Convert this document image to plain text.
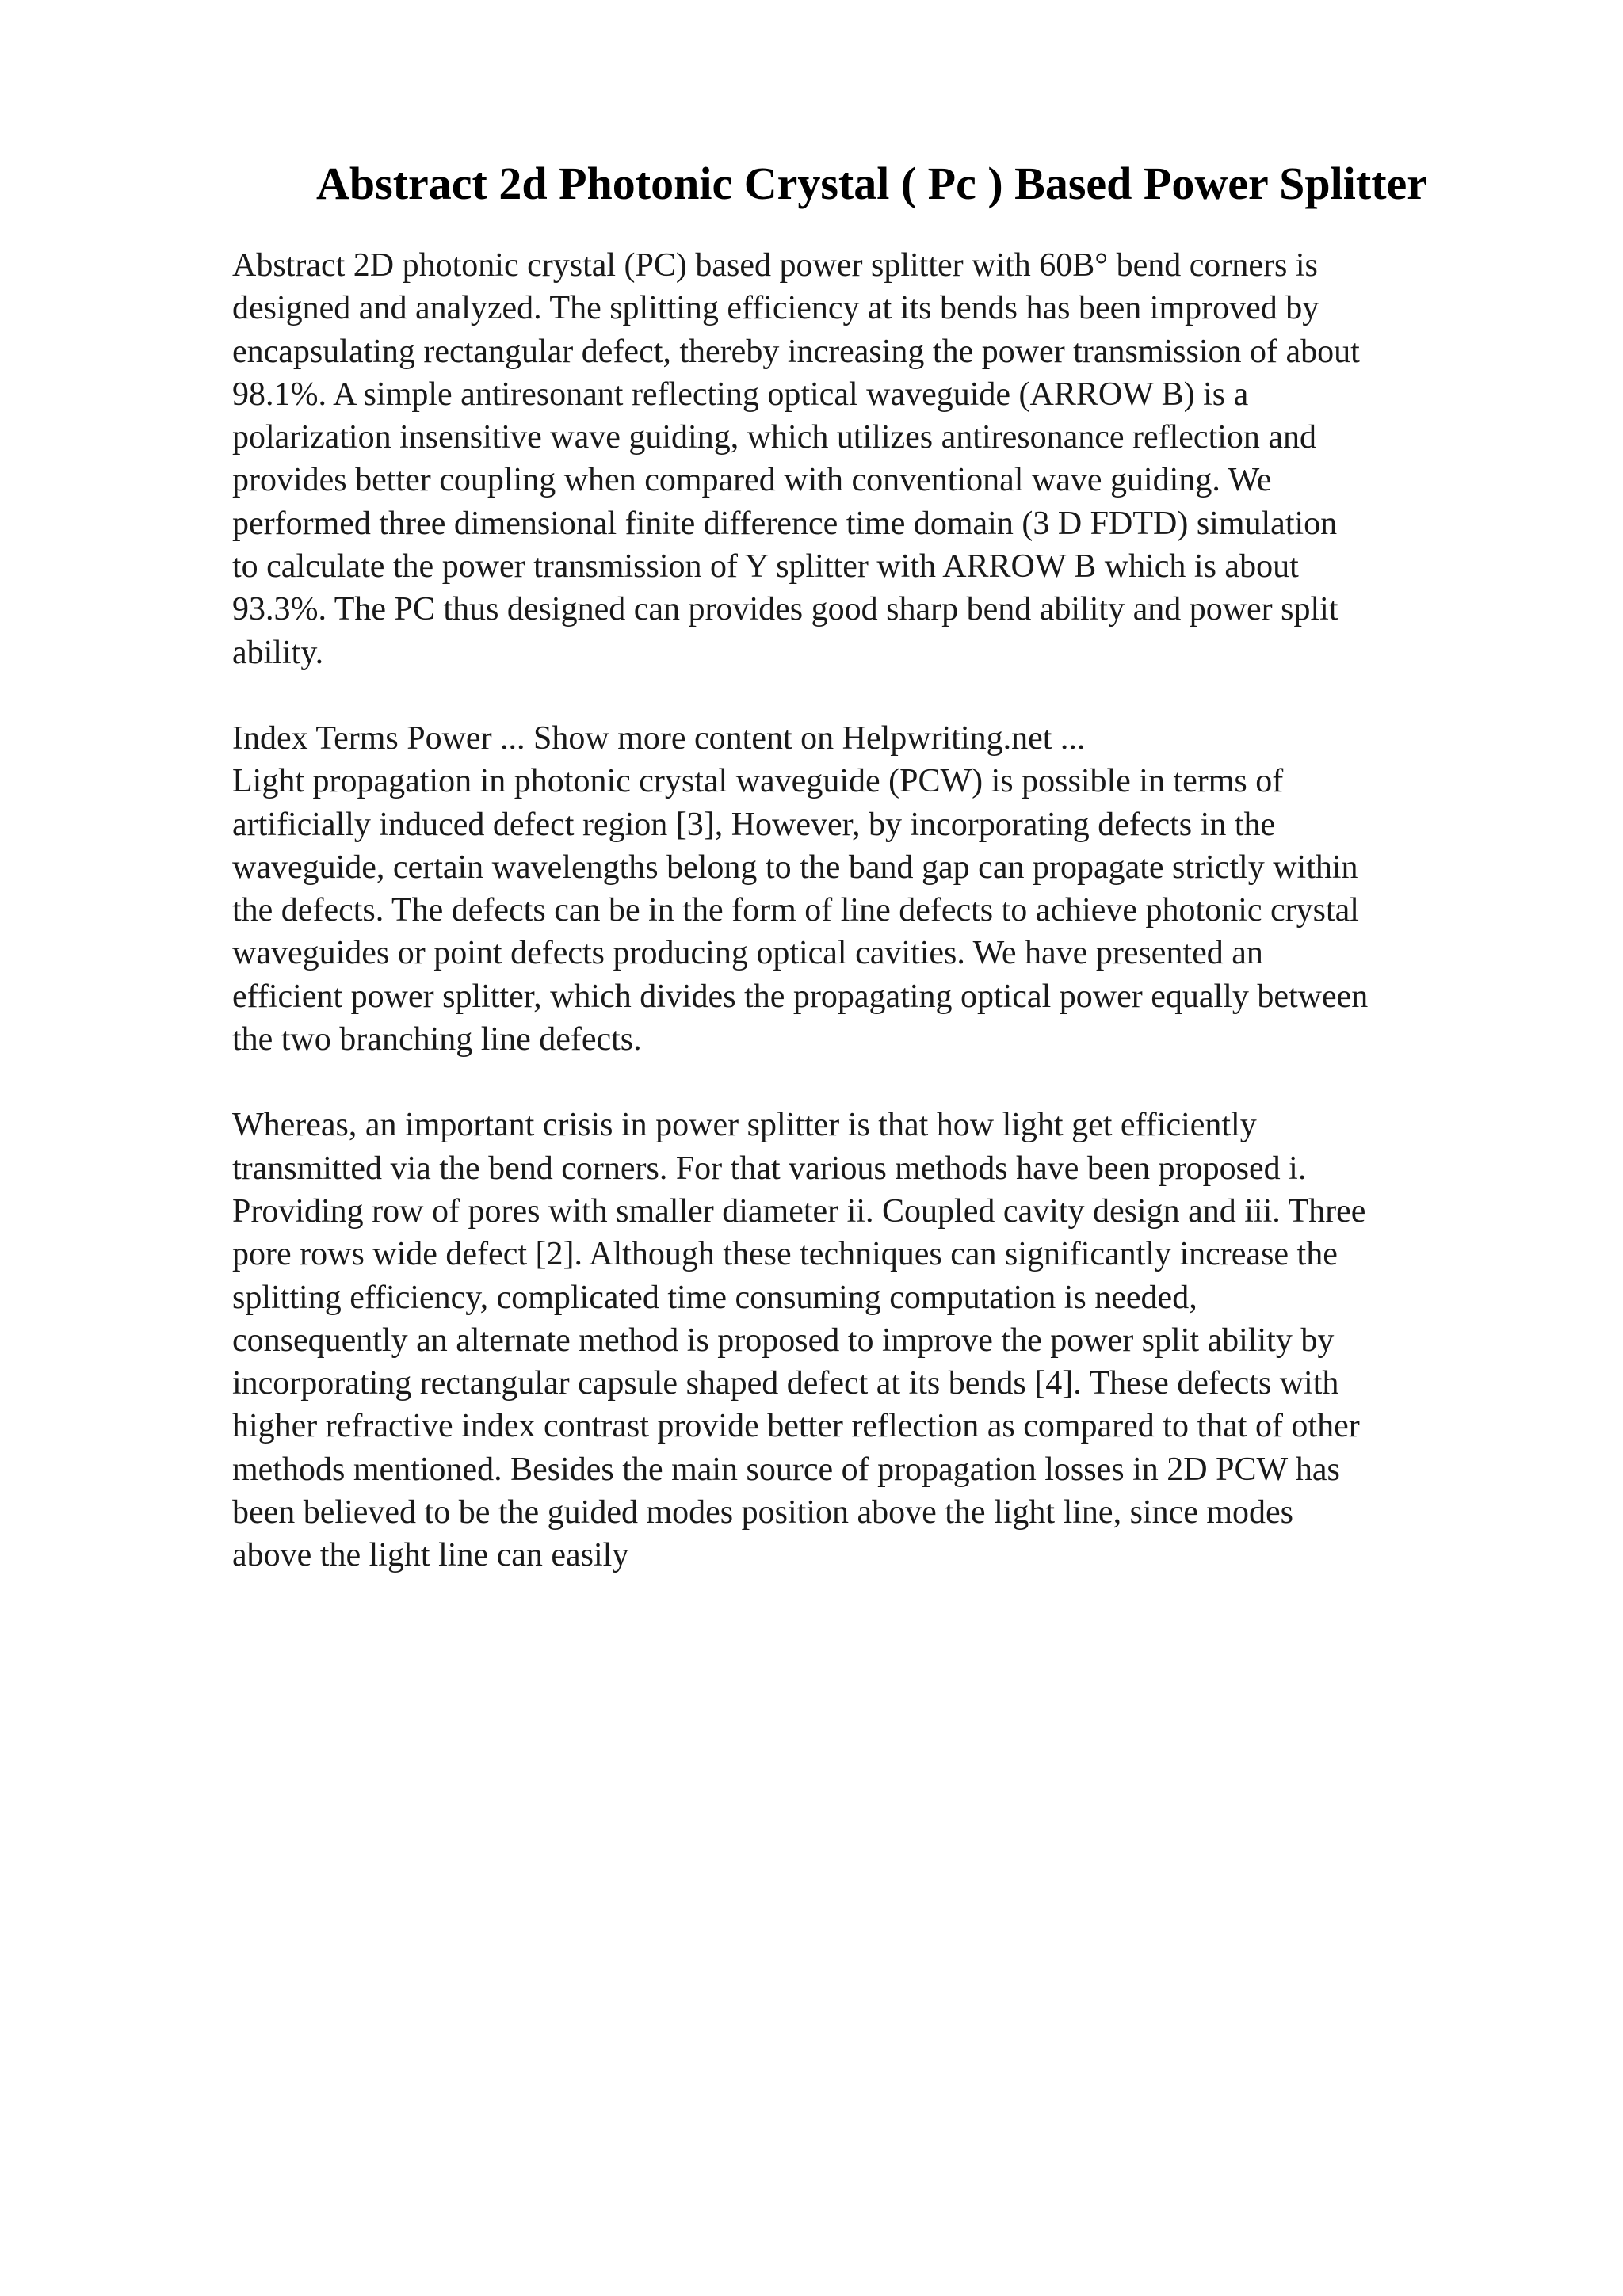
Abstract 2d Photonic Crystal ( Pc ) Based Power Splitter

Abstract 2D photonic crystal (PC) based power splitter with 60B° bend corners is
designed and analyzed. The splitting efficiency at its bends has been improved by
encapsulating rectangular defect, thereby increasing the power transmission of about
98.1%. A simple antiresonant reflecting optical waveguide (ARROW B) is a
polarization insensitive wave guiding, which utilizes antiresonance reflection and
provides better coupling when compared with conventional wave guiding. We
performed three dimensional finite difference time domain (3 D FDTD) simulation
to calculate the power transmission of Y splitter with ARROW B which is about
93.3%. The PC thus designed can provides good sharp bend ability and power split
ability.

Index Terms Power ... Show more content on Helpwriting.net ...
Light propagation in photonic crystal waveguide (PCW) is possible in terms of
artificially induced defect region [3], However, by incorporating defects in the
waveguide, certain wavelengths belong to the band gap can propagate strictly within
the defects. The defects can be in the form of line defects to achieve photonic crystal
waveguides or point defects producing optical cavities. We have presented an
efficient power splitter, which divides the propagating optical power equally between
the two branching line defects.

Whereas, an important crisis in power splitter is that how light get efficiently
transmitted via the bend corners. For that various methods have been proposed i.
Providing row of pores with smaller diameter ii. Coupled cavity design and iii. Three
pore rows wide defect [2]. Although these techniques can significantly increase the
splitting efficiency, complicated time consuming computation is needed,
consequently an alternate method is proposed to improve the power split ability by
incorporating rectangular capsule shaped defect at its bends [4]. These defects with
higher refractive index contrast provide better reflection as compared to that of other
methods mentioned. Besides the main source of propagation losses in 2D PCW has
been believed to be the guided modes position above the light line, since modes
above the light line can easily
